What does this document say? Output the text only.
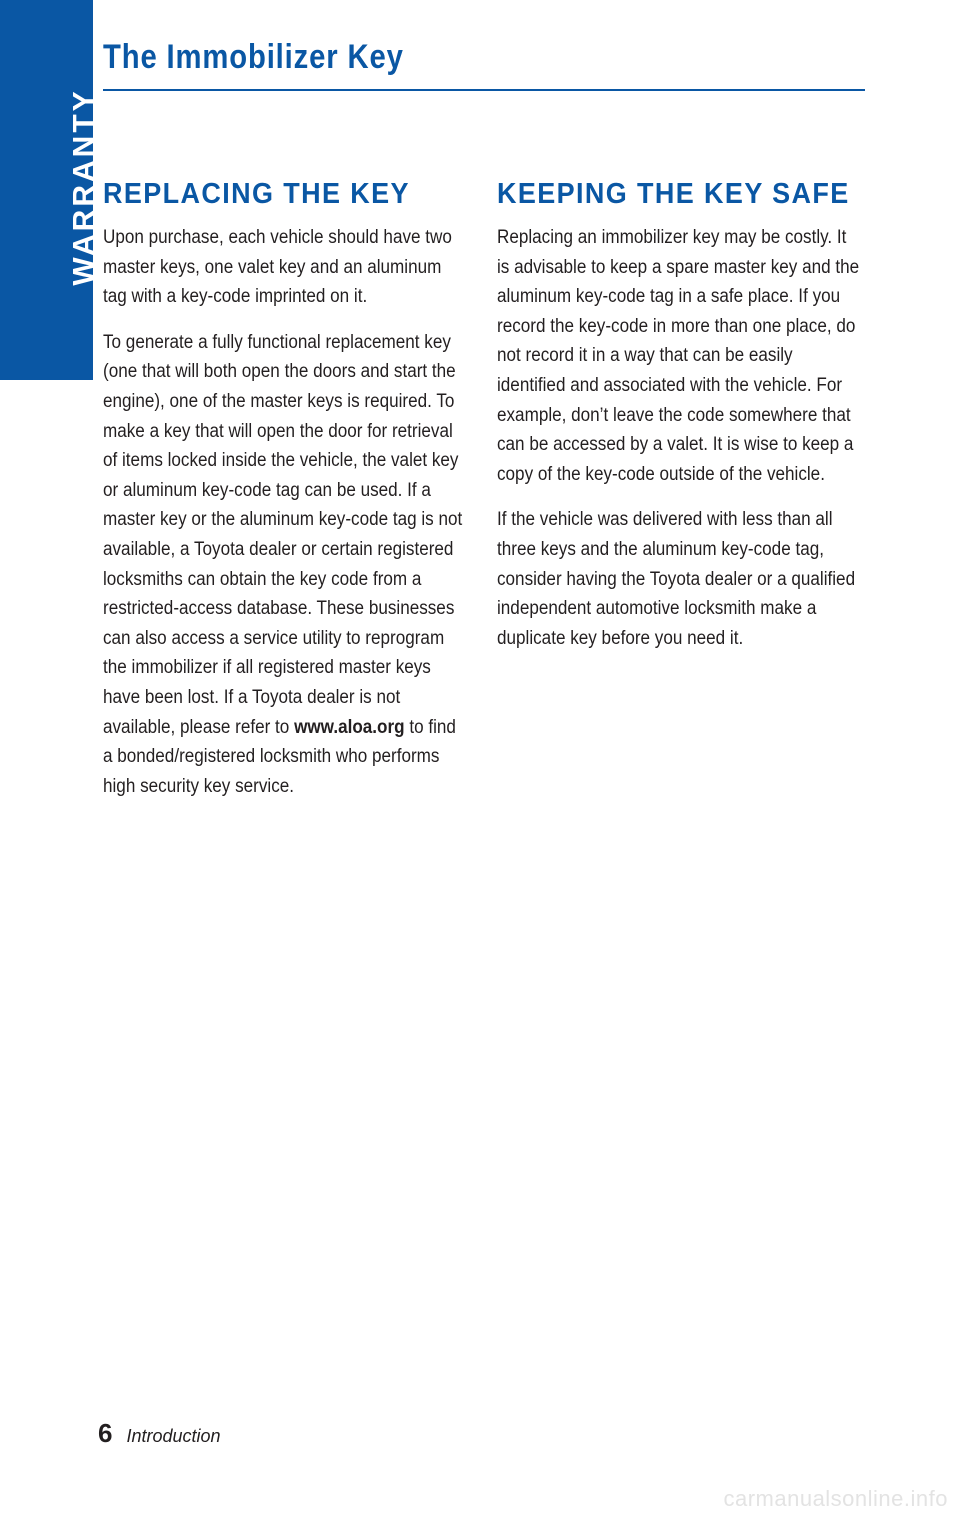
WARRANTY
The Immobilizer Key
REPLACING THE KEY

Upon purchase, each vehicle should have two master keys, one valet key and an aluminum tag with a key-code imprinted on it.

To generate a fully functional replacement key (one that will both open the doors and start the engine), one of the master keys is required. To make a key that will open the door for retrieval of items locked inside the vehicle, the valet key or aluminum key-code tag can be used. If a master key or the aluminum key-code tag is not available, a Toyota dealer or certain registered locksmiths can obtain the key code from a restricted-access database. These businesses can also access a service utility to reprogram the immobilizer if all registered master keys have been lost. If a Toyota dealer is not available, please refer to www.aloa.org to find a bonded/registered locksmith who performs high security key service.

KEEPING THE KEY SAFE

Replacing an immobilizer key may be costly. It is advisable to keep a spare master key and the aluminum key-code tag in a safe place. If you record the key-code in more than one place, do not record it in a way that can be easily identified and associated with the vehicle. For example, don’t leave the code somewhere that can be accessed by a valet. It is wise to keep a copy of the key-code outside of the vehicle.

If the vehicle was delivered with less than all three keys and the aluminum key-code tag, consider having the Toyota dealer or a qualified independent automotive locksmith make a duplicate key before you need it.

6 Introduction
carmanualsonline.info
